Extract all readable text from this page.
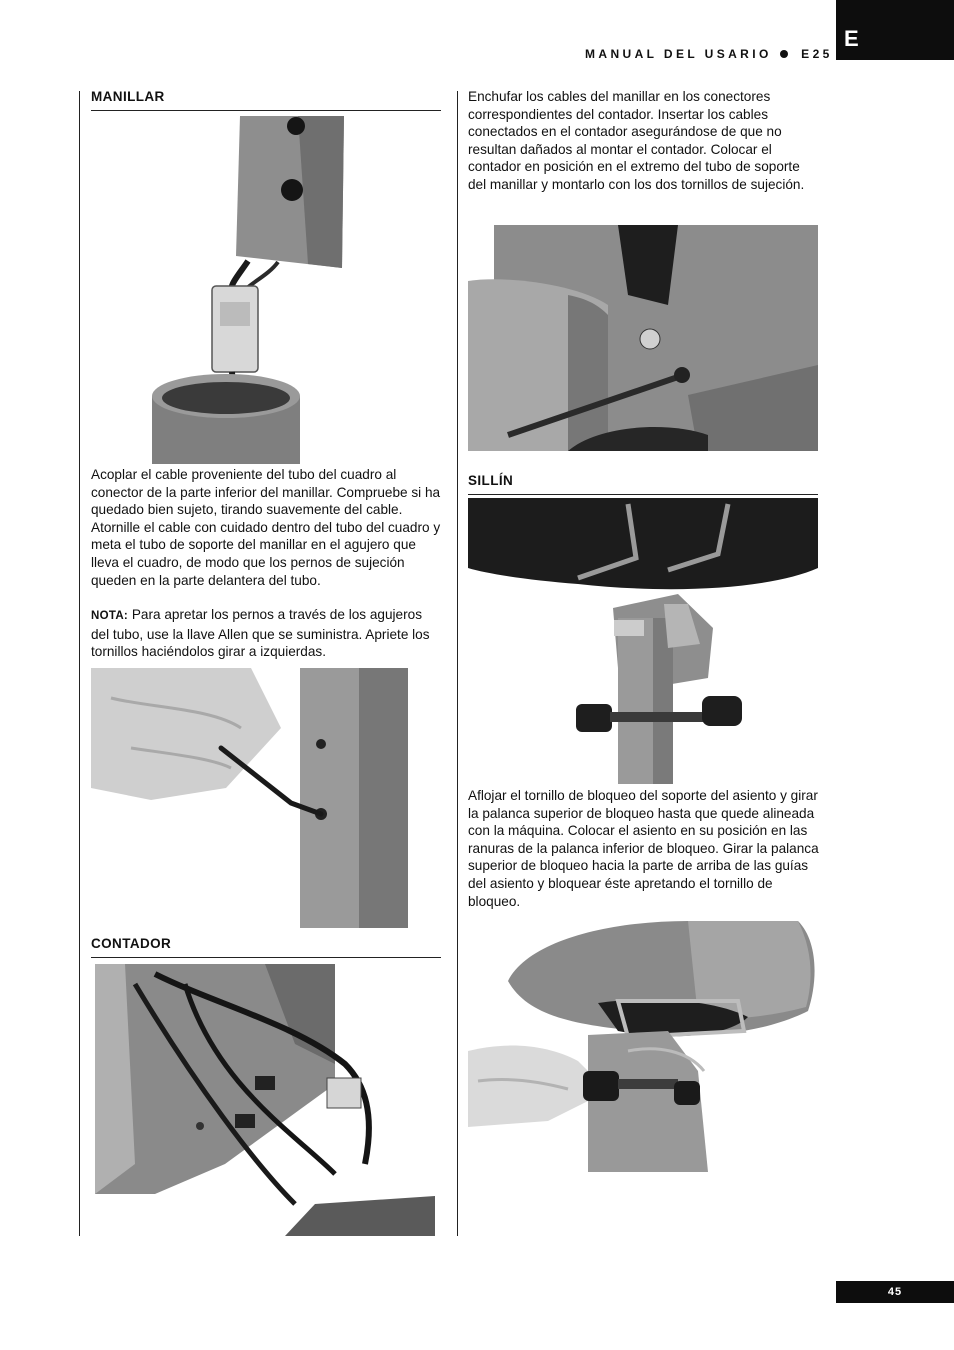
E
MANUAL DEL USARIO E25
MANILLAR
Acoplar el cable proveniente del tubo del cuadro al conector de la parte inferior del manillar. Compruebe si ha quedado bien sujeto, tirando suavemente del cable. Atornille el cable con cuidado dentro del tubo del cuadro y meta el tubo de soporte del manillar en el agujero que lleva el cuadro, de modo que los pernos de sujeción queden en la parte delantera del tubo.
NOTA: Para apretar los pernos a través de los agujeros del tubo, use la llave Allen que se suministra. Apriete los tornillos haciéndolos girar a izquierdas.
CONTADOR
Enchufar los cables del manillar en los conectores correspondientes del contador. Insertar los cables conectados en el contador asegurándose de que no resultan dañados al montar el contador. Colocar el contador en posición en el extremo del tubo de soporte del manillar y montarlo con los dos tornillos de sujeción.
SILLÍN
Aflojar el tornillo de bloqueo del soporte del asiento y girar la palanca superior de bloqueo hasta que quede alineada con la máquina. Colocar el asiento en su posición en las ranuras de la palanca inferior de bloqueo. Girar la palanca superior de bloqueo hacia la parte de arriba de las guías del asiento y bloquear éste apretando el tornillo de bloqueo.
45
